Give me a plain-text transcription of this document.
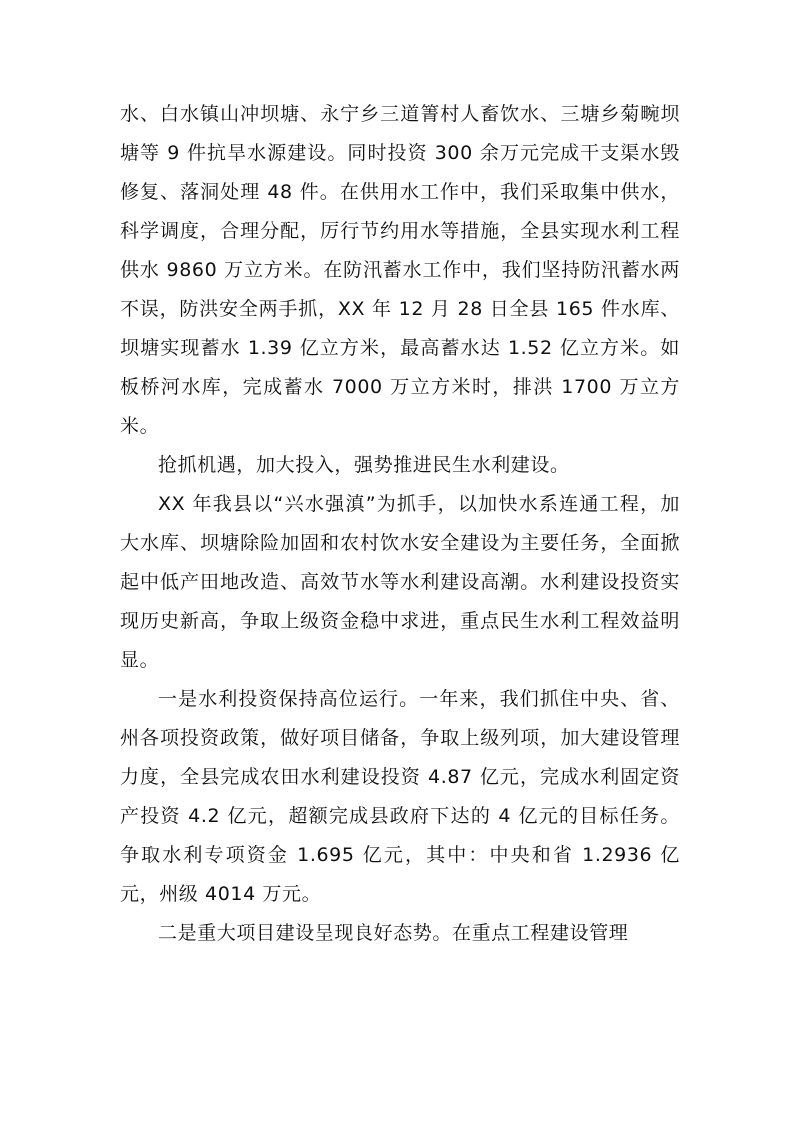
水、白水镇山冲坝塘、永宁乡三道箐村人畜饮水、三塘乡菊畹坝塘等 9 件抗旱水源建设。同时投资 300 余万元完成干支渠水毁修复、落洞处理 48 件。在供用水工作中，我们采取集中供水，科学调度，合理分配，厉行节约用水等措施，全县实现水利工程供水 9860 万立方米。在防汛蓄水工作中，我们坚持防汛蓄水两不误，防洪安全两手抓，XX 年 12 月 28 日全县 165 件水库、坝塘实现蓄水 1.39 亿立方米，最高蓄水达 1.52 亿立方米。如板桥河水库，完成蓄水 7000 万立方米时，排洪 1700 万立方米。

抢抓机遇，加大投入，强势推进民生水利建设。

XX 年我县以“兴水强滇”为抓手，以加快水系连通工程，加大水库、坝塘除险加固和农村饮水安全建设为主要任务，全面掀起中低产田地改造、高效节水等水利建设高潮。水利建设投资实现历史新高，争取上级资金稳中求进，重点民生水利工程效益明显。

一是水利投资保持高位运行。一年来，我们抓住中央、省、州各项投资政策，做好项目储备，争取上级列项，加大建设管理力度，全县完成农田水利建设投资 4.87 亿元，完成水利固定资产投资 4.2 亿元，超额完成县政府下达的 4 亿元的目标任务。争取水利专项资金 1.695 亿元，其中：中央和省 1.2936 亿元，州级 4014 万元。

二是重大项目建设呈现良好态势。在重点工程建设管理
